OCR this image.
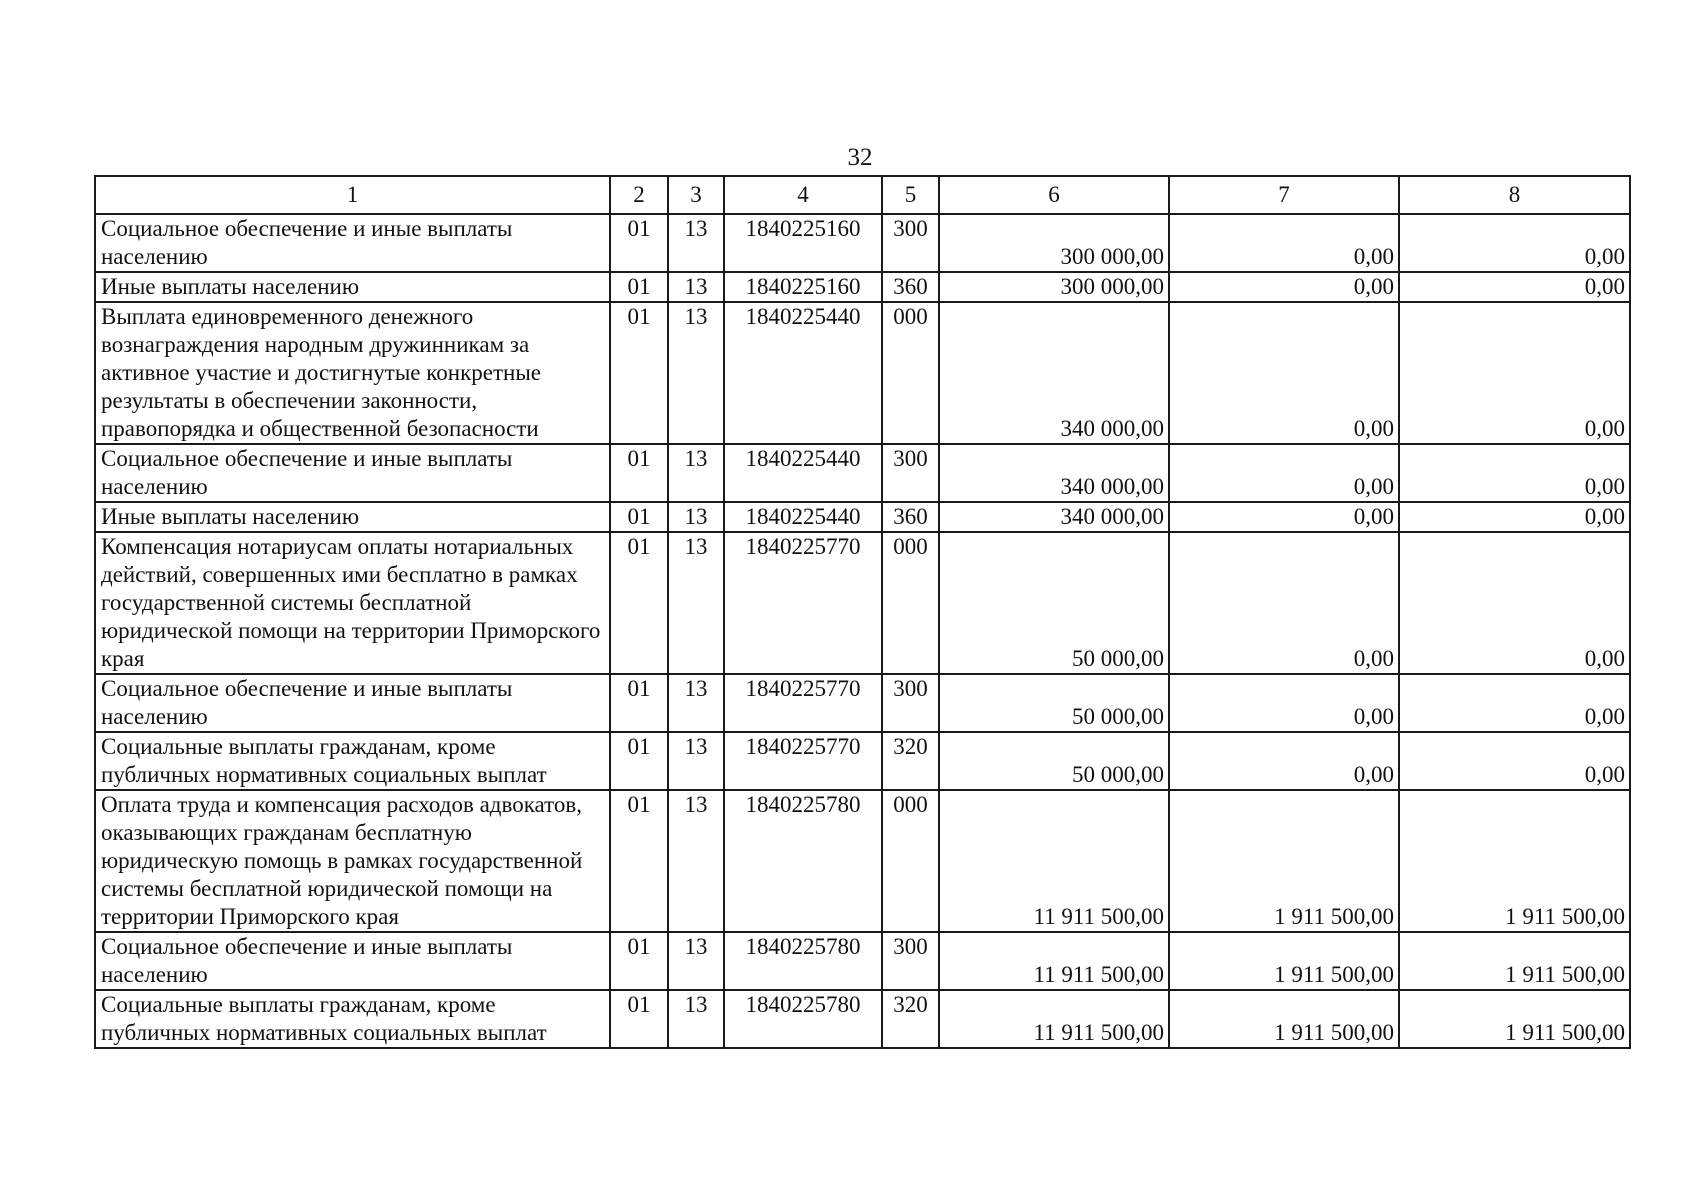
32
1	2	3	4	5	6	7	8
Социальное обеспечение и иные выплаты населению	01	13	1840225160	300	300 000,00	0,00	0,00
Иные выплаты населению	01	13	1840225160	360	300 000,00	0,00	0,00
Выплата единовременного денежного вознаграждения народным дружинникам за активное участие и достигнутые конкретные результаты в обеспечении законности, правопорядка и общественной безопасности	01	13	1840225440	000	340 000,00	0,00	0,00
Социальное обеспечение и иные выплаты населению	01	13	1840225440	300	340 000,00	0,00	0,00
Иные выплаты населению	01	13	1840225440	360	340 000,00	0,00	0,00
Компенсация нотариусам оплаты нотариальных действий, совершенных ими бесплатно в рамках государственной системы бесплатной юридической помощи на территории Приморского края	01	13	1840225770	000	50 000,00	0,00	0,00
Социальное обеспечение и иные выплаты населению	01	13	1840225770	300	50 000,00	0,00	0,00
Социальные выплаты гражданам, кроме публичных нормативных социальных выплат	01	13	1840225770	320	50 000,00	0,00	0,00
Оплата труда и компенсация расходов адвокатов, оказывающих гражданам бесплатную юридическую помощь в рамках государственной системы бесплатной юридической помощи на территории Приморского края	01	13	1840225780	000	11 911 500,00	1 911 500,00	1 911 500,00
Социальное обеспечение и иные выплаты населению	01	13	1840225780	300	11 911 500,00	1 911 500,00	1 911 500,00
Социальные выплаты гражданам, кроме публичных нормативных социальных выплат	01	13	1840225780	320	11 911 500,00	1 911 500,00	1 911 500,00
